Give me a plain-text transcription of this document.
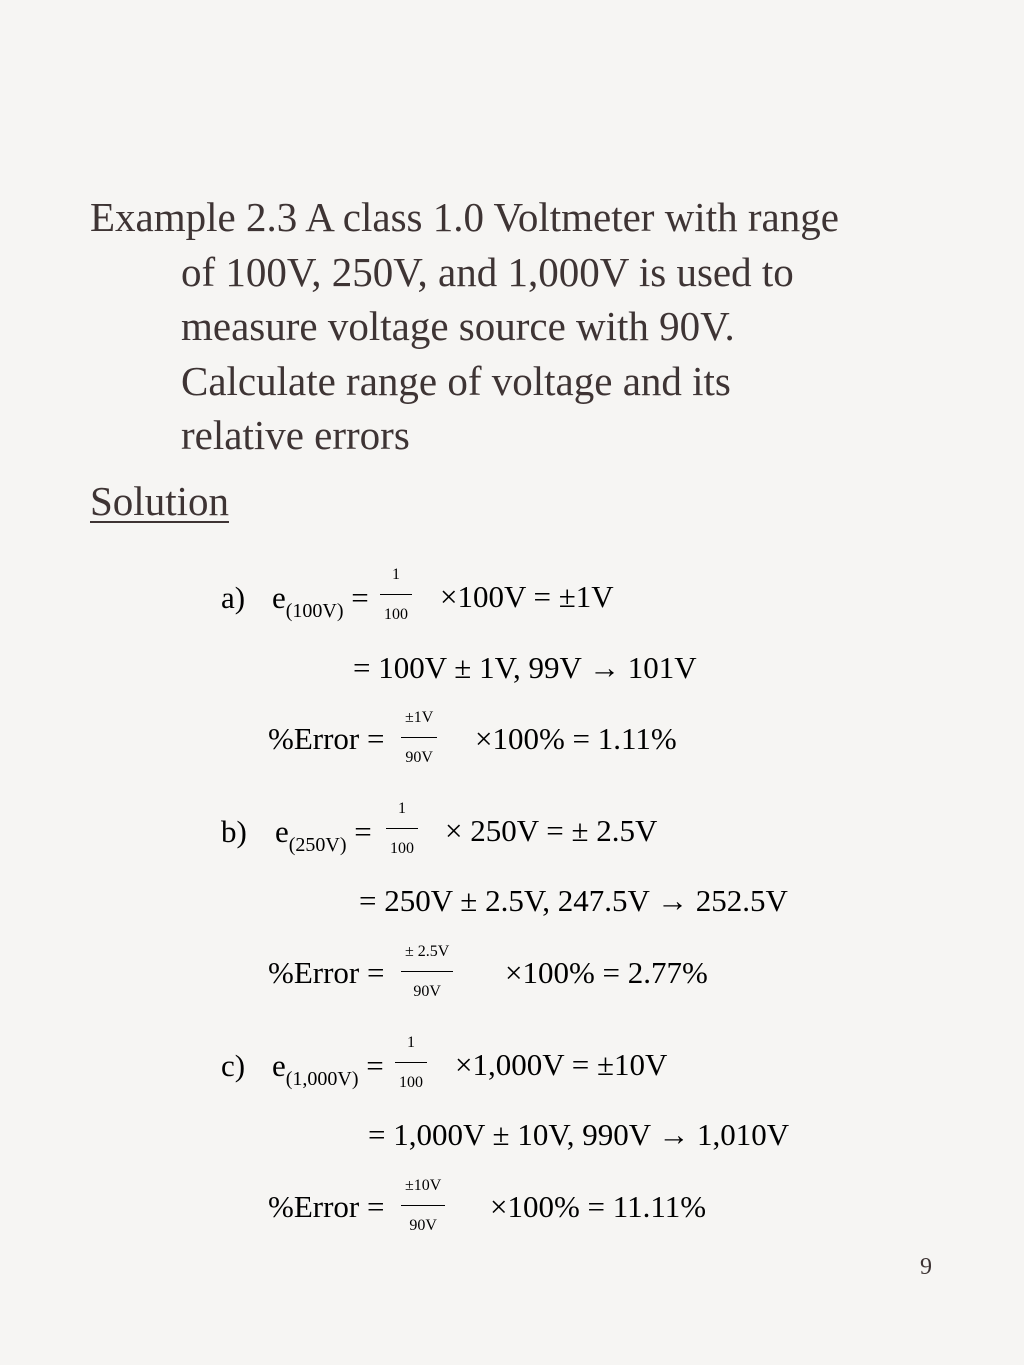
Example 2.3 A class 1.0 Voltmeter with range
of 100V, 250V, and 1,000V is used to
measure voltage source with 90V.
Calculate range of voltage and its
relative errors
Solution
a) $e_{(100V)}$ =
1
100
×100V = ±1V
= 100V ± 1V, 99V → 101V
%Error =
±1V
90V
×100% = 1.11%
b) $e_{(250V)}$ =
1
100
× 250V = ± 2.5V
= 250V ± 2.5V, 247.5V → 252.5V
%Error =
± 2.5V
90V
×100% = 2.77%
c) $e_{(1,000V)}$ =
1
100
×1,000V = ±10V
= 1,000V ± 10V, 990V → 1,010V
%Error =
±10V
90V
×100% = 11.11%
9
